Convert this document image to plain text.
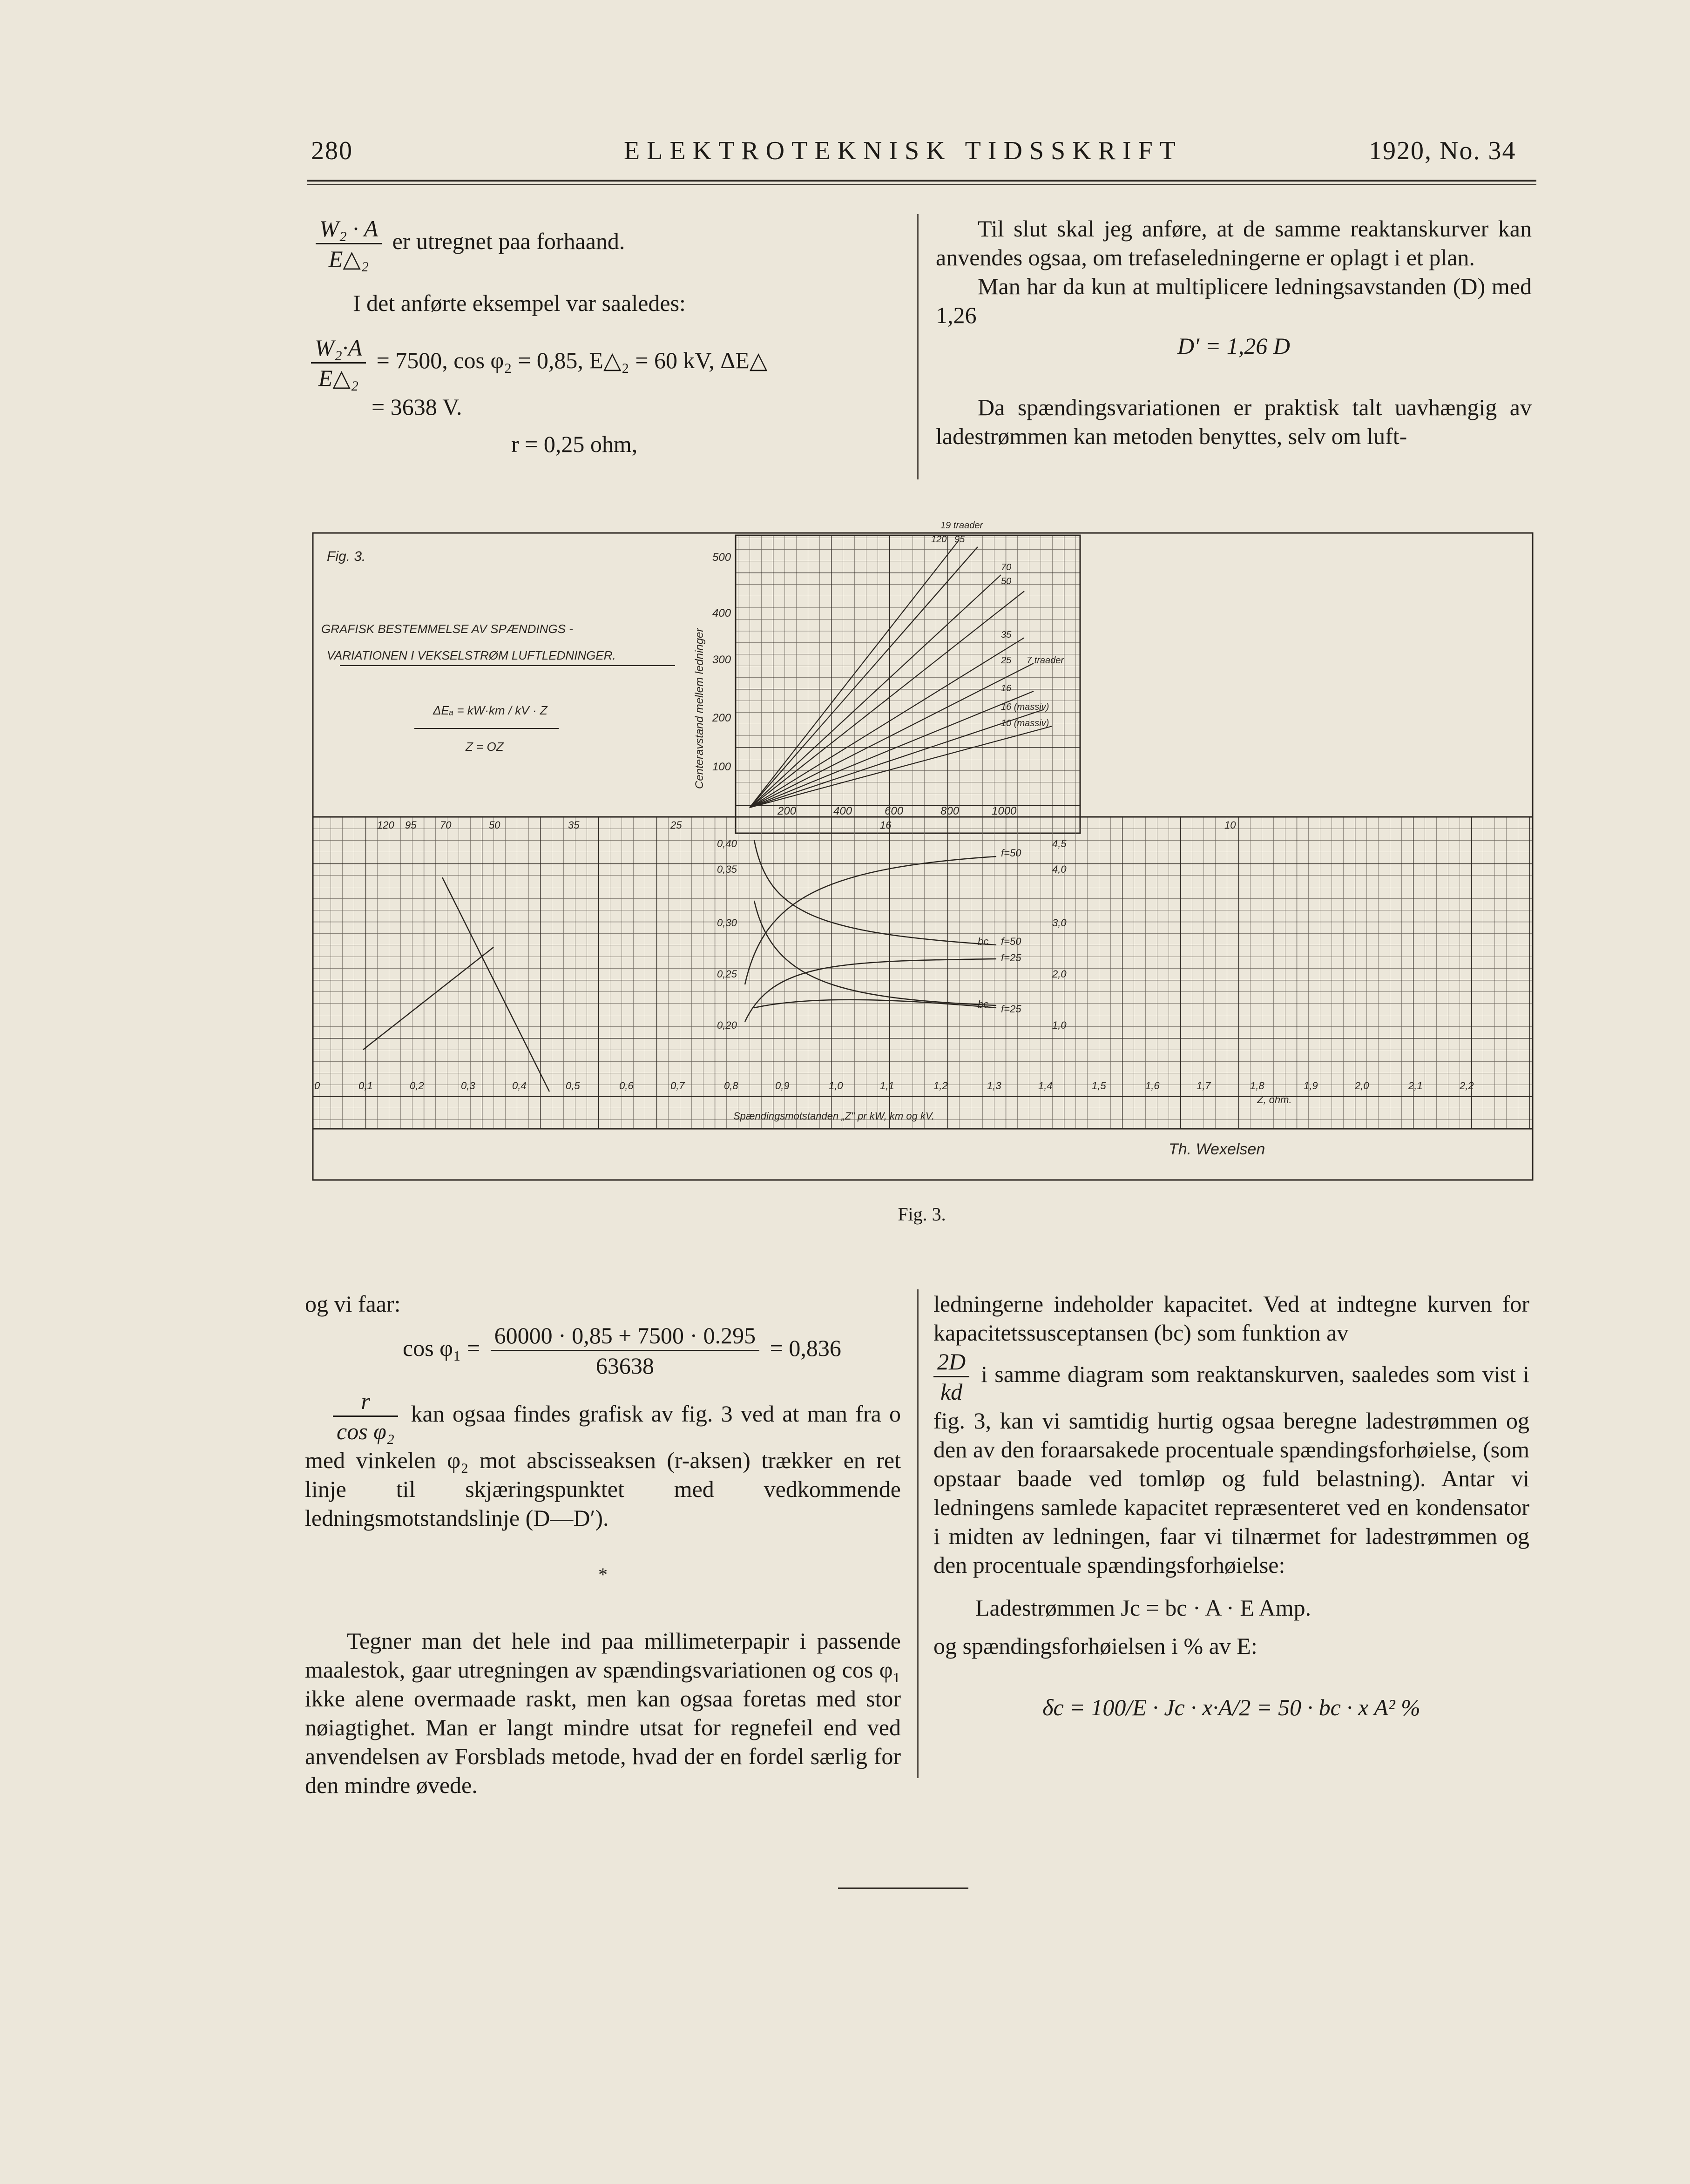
280	ELEKTROTEKNISK TIDSSKRIFT	1920, No. 34
$\frac{\text{W₂ · A}}{\text{E△₂}}$ er utregnet paa forhaand.

I det anførte eksempel var saaledes:

$\frac{\text{W₂·A}}{\text{E△₂}} = 7500$, cos φ₂ = 0,85, E△₂ = 60 kV, ΔE△

= 3638 V.

r = 0,25 ohm,

Til slut skal jeg anføre, at de samme reaktanskurver kan anvendes ogsaa, om trefaseledningerne er oplagt i et plan.

Man har da kun at multiplicere ledningsavstanden (D) med 1,26

D′ = 1,26 D

Da spændingsvariationen er praktisk talt uavhængig av ladestrømmen kan metoden benyttes, selv om luft-

Fig. 3.
GRAFISK BESTEMMELSE AV SPÆNDINGS -
VARIATIONEN I VEKSELSTRØM LUFTLEDNINGER.
ΔEₐ = kW·km / kV · Z
Z = OZ	Centeravstand mellem ledninger
500
400
300
200
100
200	400	600	800	1000
19 traader
120 95
70
50
7 traader
35
25
16
16 (massiv)
10 (massiv)
120 95 70	50	35	25	16	10
0,40
0,35
0,30
0,25
0,20
4,5
4,0
3,0
2,0
1,0
f=50
f=25
bc f=50
bc f=25
0	0,1	0,2	0,3	0,4	0,5	0,6	0,7	0,8	0,9	1,0	1,1	1,2	1,3	1,4	1,5	1,6	1,7	1,8	1,9	2,0	2,1	2,2
Z, ohm.
Spændingsmotstanden „Z" pr kW, km og kV.
Th. Wexelsen
Fig. 3.

og vi faar:

$\cos \varphi_1 = \frac{60000 \cdot 0,85 + 7500 \cdot 0.295}{63638} = 0,836$
$\frac{r}{\text{cos φ₂}}$ kan ogsaa findes grafisk av fig. 3 ved at man fra o med vinkelen φ₂ mot abscisseaksen (r-aksen) trækker en ret linje til skjæringspunktet med vedkommende ledningsmotstandslinje (D—D′).

*

Tegner man det hele ind paa millimeterpapir i passende maalestok, gaar utregningen av spændingsvariationen og cos φ₁ ikke alene overmaade raskt, men kan ogsaa foretas med stor nøiagtighet. Man er langt mindre utsat for regnefeil end ved anvendelsen av Forsblads metode, hvad der en fordel særlig for den mindre øvede.

ledningerne indeholder kapacitet. Ved at indtegne kurven for kapacitetssusceptansen (bc) som funktion av

$\frac{2D}{kd}$ i samme diagram som reaktanskurven, saaledes som vist i fig. 3, kan vi samtidig hurtig ogsaa beregne ladestrømmen og den av den foraarsakede procentuale spændingsforhøielse, (som opstaar baade ved tomløp og fuld belastning). Antar vi ledningens samlede kapacitet repræsenteret ved en kondensator i midten av ledningen, faar vi tilnærmet for ladestrømmen og den procentuale spændingsforhøielse:

Ladestrømmen Jc = bc · A · E Amp.

og spændingsforhøielsen i % av E:

δc = 100/E · Jc · x·A/2 = 50 · bc · x A² %
